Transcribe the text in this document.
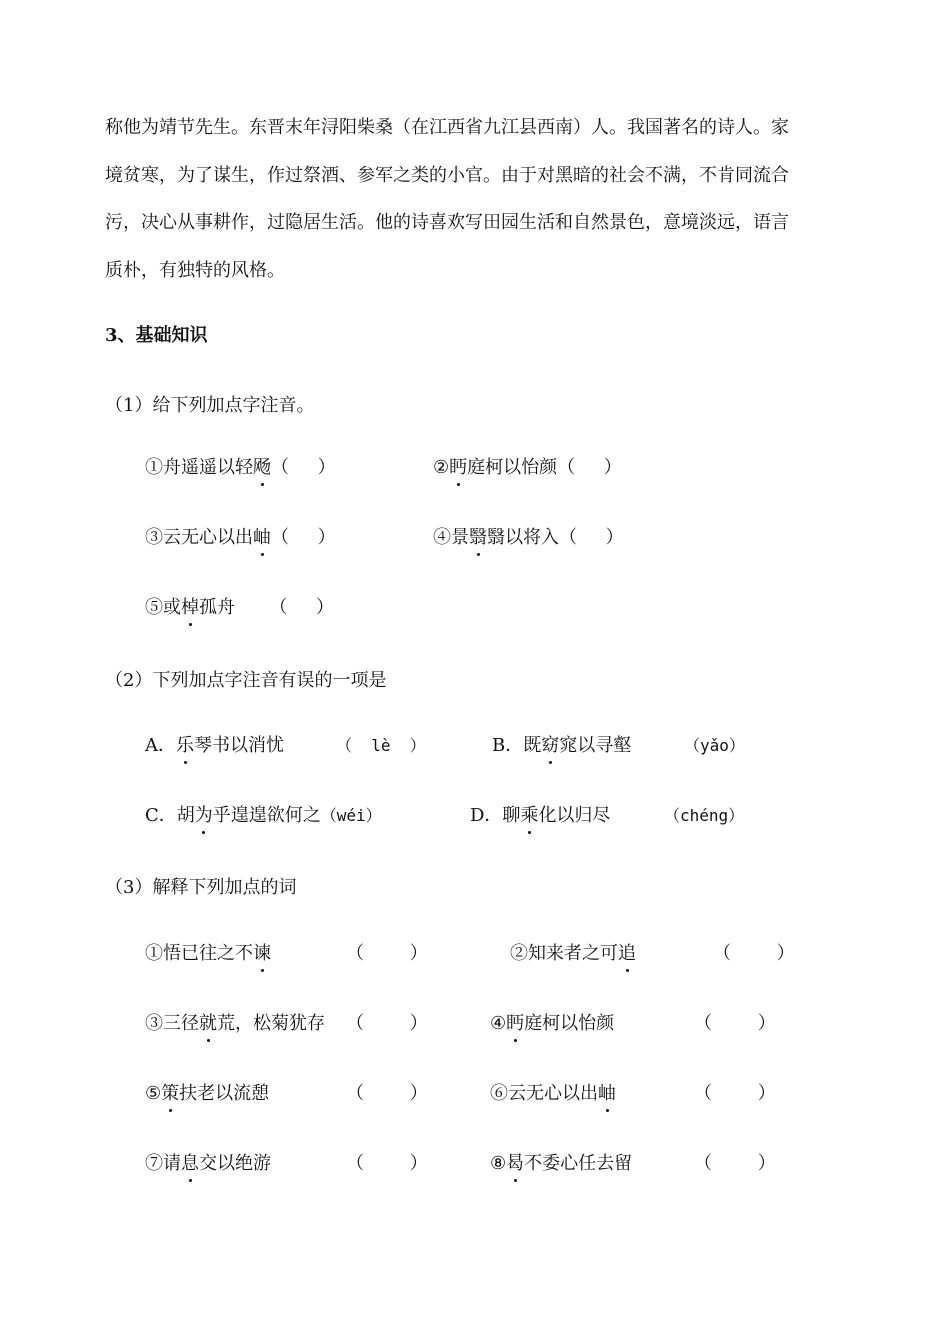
称他为靖节先生。东晋末年浔阳柴桑（在江西省九江县西南）人。我国著名的诗人。家
境贫寒，为了谋生，作过祭酒、参军之类的小官。由于对黑暗的社会不满，不肯同流合
污，决心从事耕作，过隐居生活。他的诗喜欢写田园生活和自然景色，意境淡远，语言
质朴，有独特的风格。
3、基础知识
（1）给下列加点字注音。
①舟遥遥以轻飏（     ）	②眄庭柯以怡颜（     ）
③云无心以出岫（     ）	④景翳翳以将入（     ）
⑤或棹孤舟      （     ）
（2）下列加点字注音有误的一项是
A．乐琴书以消忧	（  lè  ）	B．既窈窕以寻壑	（yǎo）
C．胡为乎遑遑欲何之（wéi）	D．聊乘化以归尽	（chéng）
（3）解释下列加点的词
①悟已往之不谏	（        ）	②知来者之可追	（        ）
③三径就荒，松菊犹存 （        ）	④眄庭柯以怡颜	（        ）
⑤策扶老以流憩	（        ）	⑥云无心以出岫	（        ）
⑦请息交以绝游	（        ）	⑧曷不委心任去留	（        ）
